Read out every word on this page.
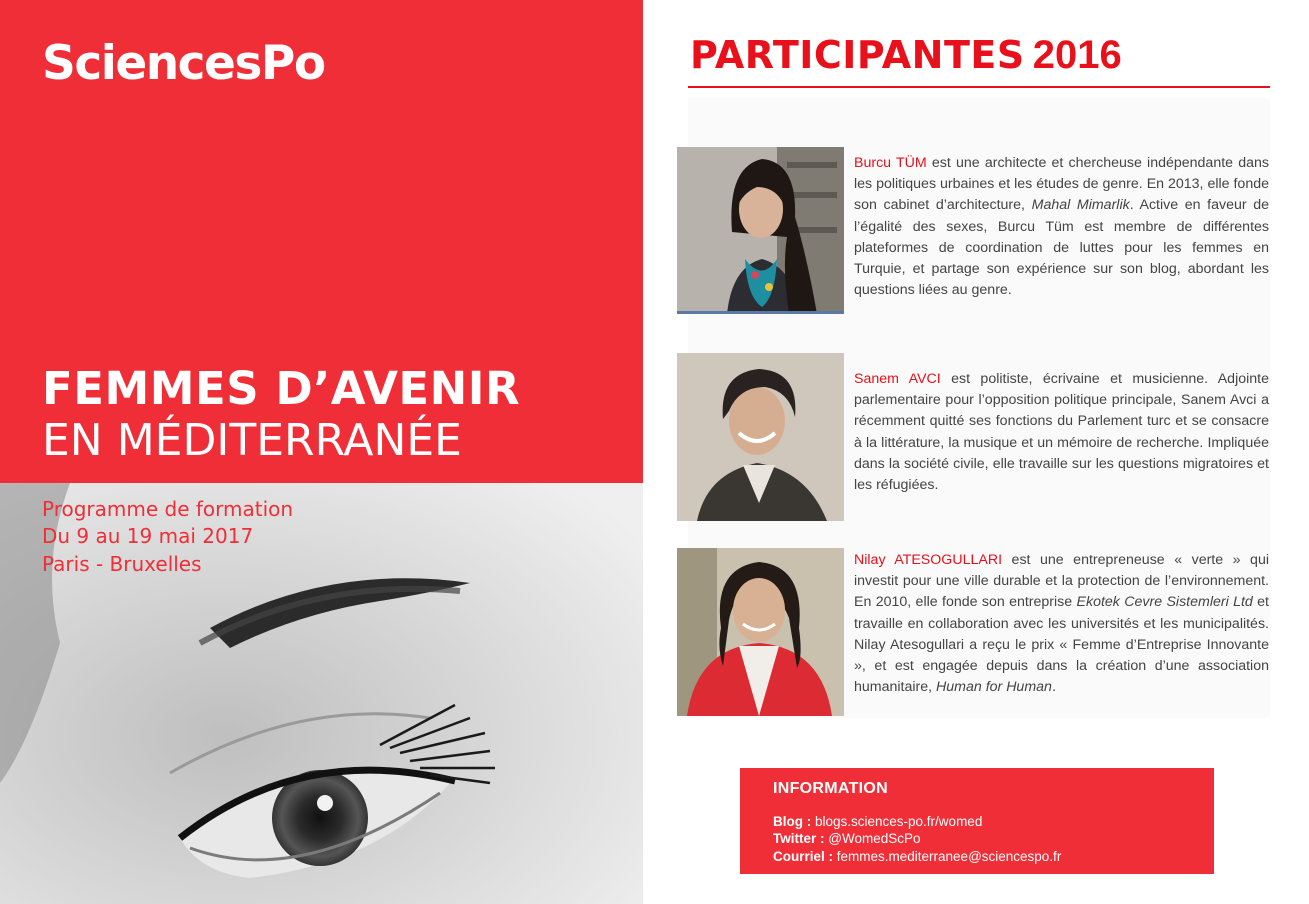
SciencesPo
FEMMES D’AVENIR
EN MÉDITERRANÉE
Programme de formation
Du 9 au 19 mai 2017
Paris - Bruxelles
PARTICIPANTES 2016

Burcu TÜM est une architecte et chercheuse indépendante dans les politiques urbaines et les études de genre. En 2013, elle fonde son cabinet d’architecture, Mahal Mimarlik. Active en faveur de l’égalité des sexes, Burcu Tüm est membre de différentes plateformes de coordination de luttes pour les femmes en Turquie, et partage son expérience sur son blog, abordant les questions liées au genre.

Sanem AVCI est politiste, écrivaine et musicienne. Adjointe parlementaire pour l’opposition politique principale, Sanem Avci a récemment quitté ses fonctions du Parlement turc et se consacre à la littérature, la musique et un mémoire de recherche. Impliquée dans la société civile, elle travaille sur les questions migratoires et les réfugiées.

Nilay ATESOGULLARI est une entrepreneuse « verte » qui investit pour une ville durable et la protection de l’environnement. En 2010, elle fonde son entreprise Ekotek Cevre Sistemleri Ltd et travaille en collaboration avec les universités et les municipalités. Nilay Atesogullari a reçu le prix « Femme d’Entreprise Innovante », et est engagée depuis dans la création d’une association humanitaire, Human for Human.

INFORMATION
Blog : blogs.sciences-po.fr/womed
Twitter : @WomedScPo
Courriel : femmes.mediterranee@sciencespo.fr
